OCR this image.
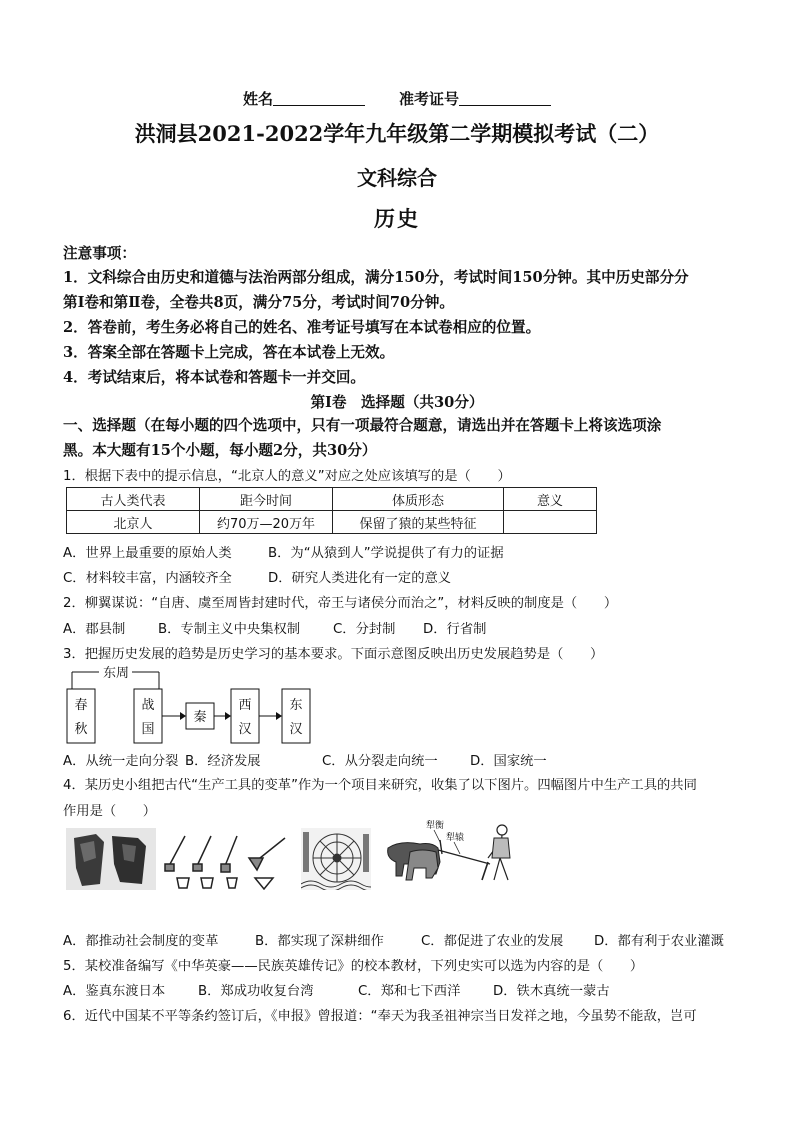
姓名	准考证号
洪洞县2021-2022学年九年级第二学期模拟考试（二）
文科综合
历史
注意事项：
1．文科综合由历史和道德与法治两部分组成，满分150分，考试时间150分钟。其中历史部分分
第Ⅰ卷和第Ⅱ卷，全卷共8页，满分75分，考试时间70分钟。
2．答卷前，考生务必将自己的姓名、准考证号填写在本试卷相应的位置。
3．答案全部在答题卡上完成，答在本试卷上无效。
4．考试结束后，将本试卷和答题卡一并交回。
第Ⅰ卷　选择题（共30分）
一、选择题（在每小题的四个选项中，只有一项最符合题意，请选出并在答题卡上将该选项涂
黑。本大题有15个小题，每小题2分，共30分）
1．根据下表中的提示信息，“北京人的意义”对应之处应该填写的是（　　）
古人类代表	距今时间	体质形态	意义
北京人	约70万—20万年	保留了猿的某些特征	
A．世界上最重要的原始人类	B．为“从猿到人”学说提供了有力的证据
C．材料较丰富，内涵较齐全	D．研究人类进化有一定的意义
2．柳翼谋说：“自唐、虞至周皆封建时代，帝王与诸侯分而治之”，材料反映的制度是（　　）
A．郡县制 B．专制主义中央集权制 C．分封制 D．行省制
3．把握历史发展的趋势是历史学习的基本要求。下面示意图反映出历史发展趋势是（　　）
东周
春
秋
战
国
秦
西
汉
东
汉
A．从统一走向分裂 B．经济发展	C．从分裂走向统一 D．国家统一
4．某历史小组把古代“生产工具的变革”作为一个项目来研究，收集了以下图片。四幅图片中生产工具的共同
作用是（　　）
犁衡
犁辕
A．都推动社会制度的变革	B．都实现了深耕细作	C．都促进了农业的发展 D．都有利于农业灌溉
5．某校准备编写《中华英豪——民族英雄传记》的校本教材，下列史实可以选为内容的是（　　）
A．鉴真东渡日本 B．郑成功收复台湾	C．郑和七下西洋 D．铁木真统一蒙古
6．近代中国某不平等条约签订后，《申报》曾报道：“奉天为我圣祖神宗当日发祥之地，今虽势不能敌，岂可
